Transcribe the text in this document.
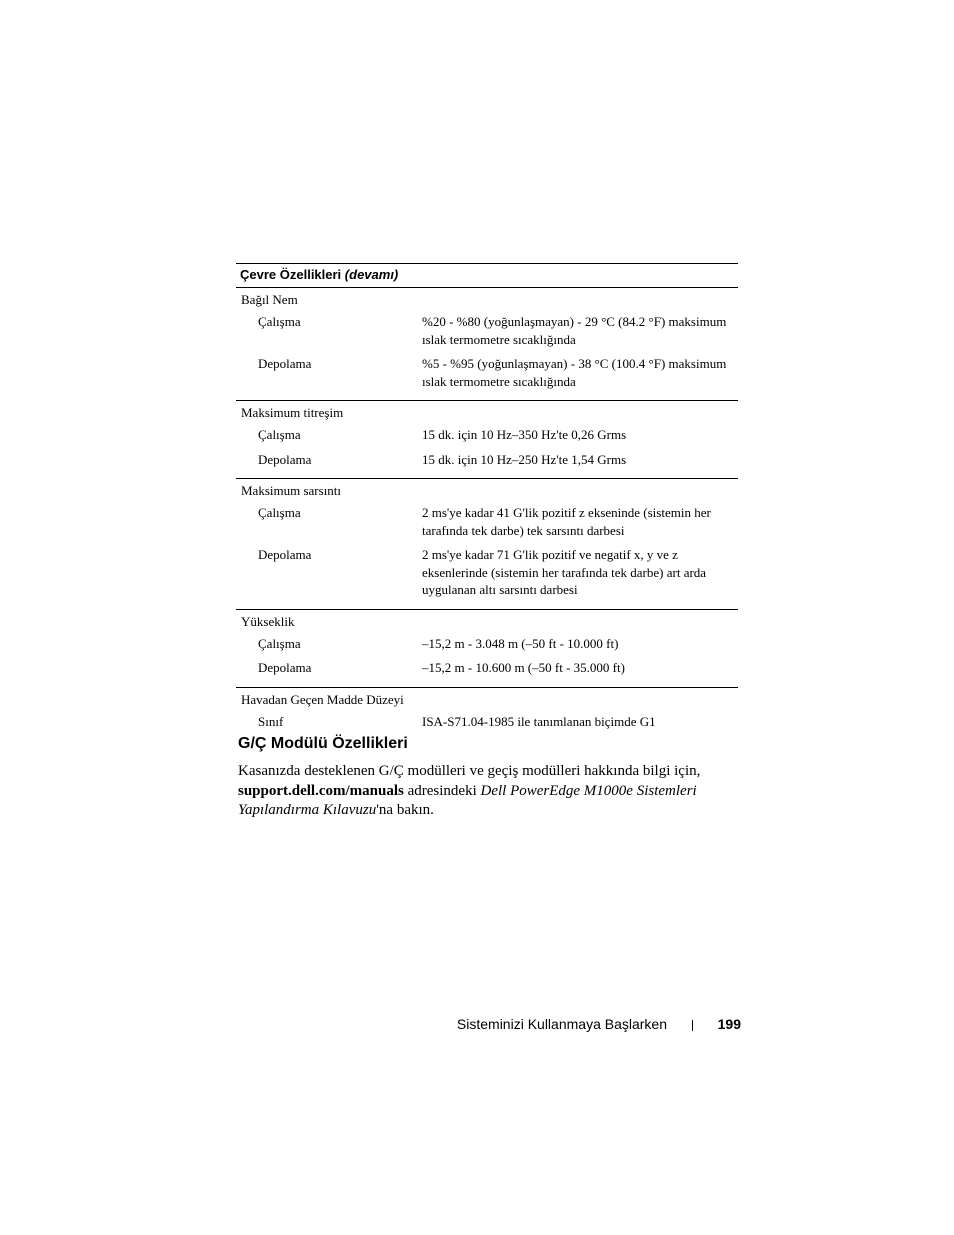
Çevre Özellikleri (devamı)
Bağıl Nem
Çalışma	%20 - %80 (yoğunlaşmayan) - 29 °C (84.2 °F) maksimum ıslak termometre sıcaklığında
Depolama	%5 - %95 (yoğunlaşmayan) - 38 °C (100.4 °F) maksimum ıslak termometre sıcaklığında
Maksimum titreşim
Çalışma	15 dk. için 10 Hz–350 Hz'te 0,26 Grms
Depolama	15 dk. için 10 Hz–250 Hz'te 1,54 Grms
Maksimum sarsıntı
Çalışma	2 ms'ye kadar 41 G'lik pozitif z ekseninde (sistemin her tarafında tek darbe) tek sarsıntı darbesi
Depolama	2 ms'ye kadar 71 G'lik pozitif ve negatif x, y ve z eksenlerinde (sistemin her tarafında tek darbe) art arda uygulanan altı sarsıntı darbesi
Yükseklik
Çalışma	–15,2 m - 3.048 m (–50 ft - 10.000 ft)
Depolama	–15,2 m - 10.600 m (–50 ft - 35.000 ft)
Havadan Geçen Madde Düzeyi
Sınıf	ISA-S71.04-1985 ile tanımlanan biçimde G1
G/Ç Modülü Özellikleri

Kasanızda desteklenen G/Ç modülleri ve geçiş modülleri hakkında bilgi için, support.dell.com/manuals adresindeki Dell PowerEdge M1000e Sistemleri Yapılandırma Kılavuzu'na bakın.

Sisteminizi Kullanmaya Başlarken	199
